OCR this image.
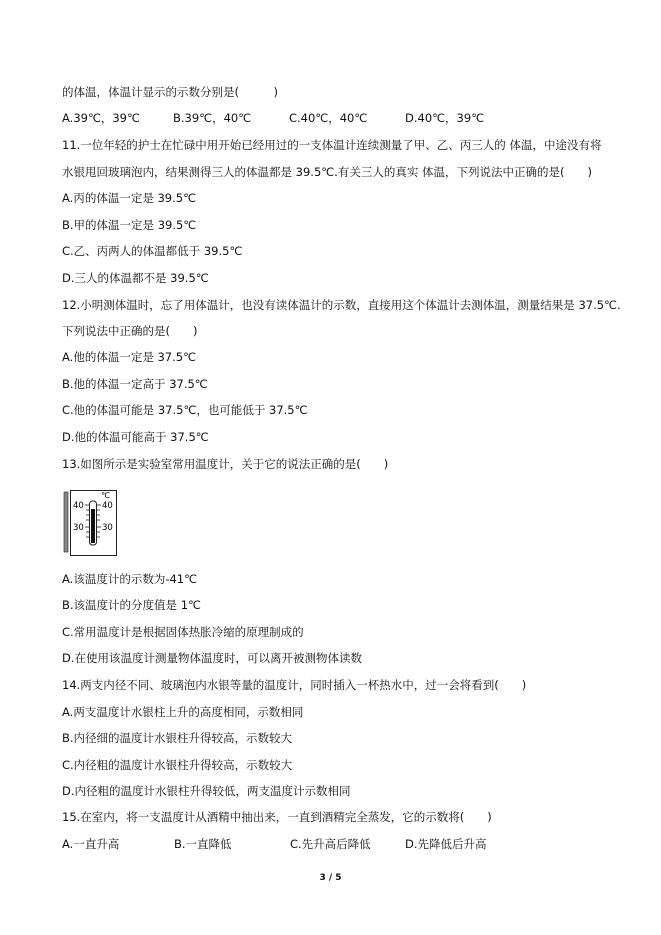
的体温，体温计显示的示数分别是(　　　)
A.39℃，39℃	B.39℃，40℃	C.40℃，40℃	D.40℃，39℃
11.一位年轻的护士在忙碌中用开始已经用过的一支体温计连续测量了甲、乙、丙三人的 体温，中途没有将
水银甩回玻璃泡内，结果测得三人的体温都是 39.5℃.有关三人的真实 体温，下列说法中正确的是(　　)
A.丙的体温一定是 39.5℃
B.甲的体温一定是 39.5℃
C.乙、丙两人的体温都低于 39.5℃
D.三人的体温都不是 39.5℃
12.小明测体温时，忘了用体温计，也没有读体温计的示数，直接用这个体温计去测体温，测量结果是 37.5℃.
下列说法中正确的是(　　)
A.他的体温一定是 37.5℃
B.他的体温一定高于 37.5℃
C.他的体温可能是 37.5℃，也可能低于 37.5℃
D.他的体温可能高于 37.5℃
13.如图所示是实验室常用温度计，关于它的说法正确的是(　　)
℃
40 40
30 30
A.该温度计的示数为-41℃
B.该温度计的分度值是 1℃
C.常用温度计是根据固体热胀冷缩的原理制成的
D.在使用该温度计测量物体温度时，可以离开被测物体读数
14.两支内径不同、玻璃泡内水银等量的温度计，同时插入一杯热水中，过一会将看到(　　)
A.两支温度计水银柱上升的高度相同，示数相同
B.内径细的温度计水银柱升得较高，示数较大
C.内径粗的温度计水银柱升得较高，示数较大
D.内径粗的温度计水银柱升得较低，两支温度计示数相同
15.在室内，将一支温度计从酒精中抽出来，一直到酒精完全蒸发，它的示数将(　　)
A.一直升高	B.一直降低	C.先升高后降低	D.先降低后升高
3 / 5
